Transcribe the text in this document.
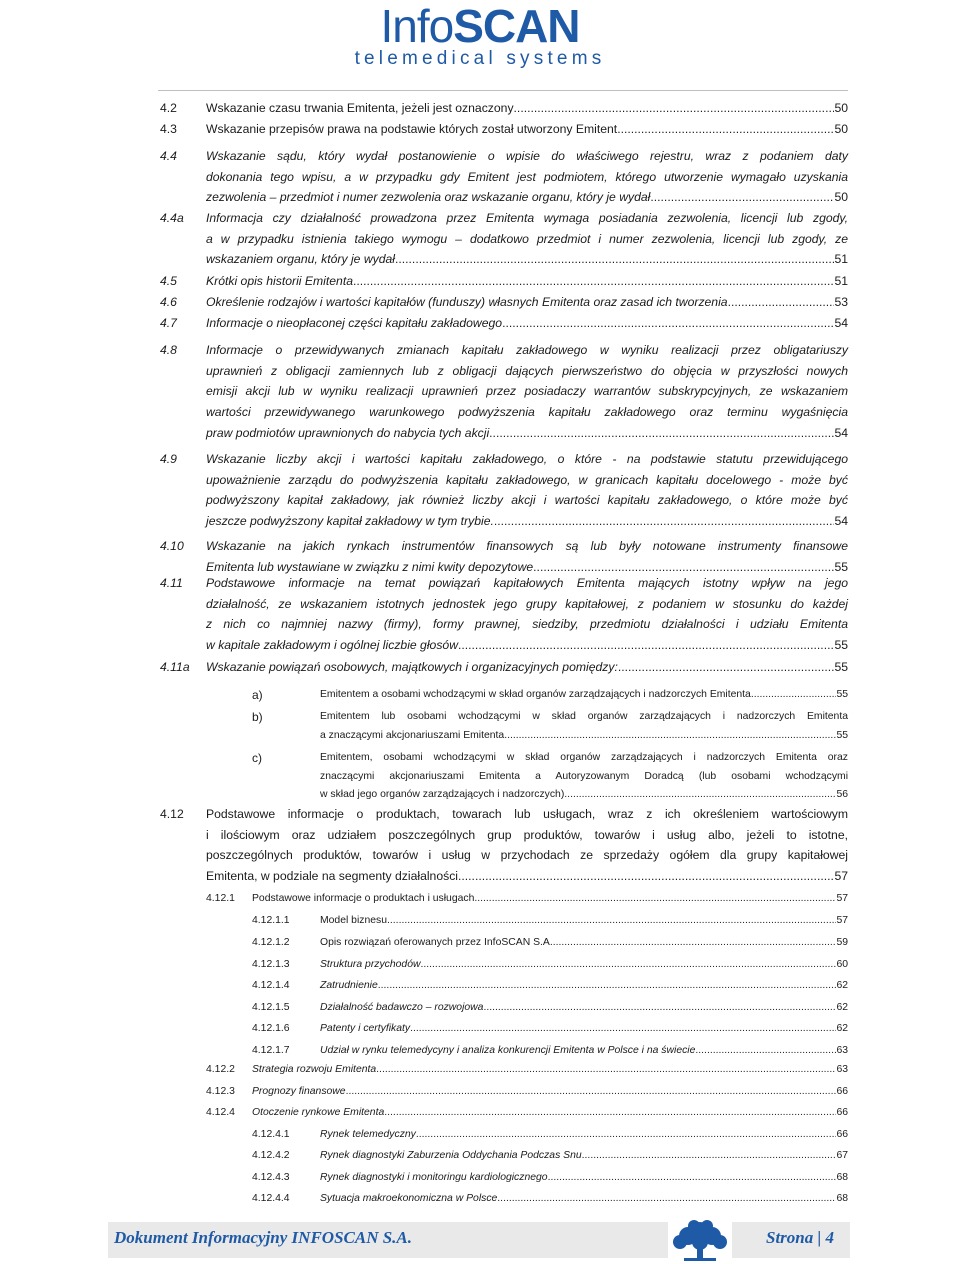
InfoSCAN
telemedical systems
4.2 Wskazanie czasu trwania Emitenta, jeżeli jest oznaczony .....	50
4.3 Wskazanie przepisów prawa na podstawie których został utworzony Emitent .....	50
4.4 Wskazanie sądu, który wydał postanowienie o wpisie do właściwego rejestru, wraz z podaniem daty
dokonania tego wpisu, a w przypadku gdy Emitent jest podmiotem, którego utworzenie wymagało uzyskania
zezwolenia – przedmiot i numer zezwolenia oraz wskazanie organu, który je wydał .....	50
4.4a Informacja czy działalność prowadzona przez Emitenta wymaga posiadania zezwolenia, licencji lub zgody,
a w przypadku istnienia takiego wymogu – dodatkowo przedmiot i numer zezwolenia, licencji lub zgody, ze
wskazaniem organu, który je wydał .....	51
4.5 Krótki opis historii Emitenta .....	51
4.6 Określenie rodzajów i wartości kapitałów (funduszy) własnych Emitenta oraz zasad ich tworzenia .....	53
4.7 Informacje o nieopłaconej części kapitału zakładowego .....	54
4.8 Informacje o przewidywanych zmianach kapitału zakładowego w wyniku realizacji przez obligatariuszy
uprawnień z obligacji zamiennych lub z obligacji dających pierwszeństwo do objęcia w przyszłości nowych
emisji akcji lub w wyniku realizacji uprawnień przez posiadaczy warrantów subskrypcyjnych, ze wskazaniem
wartości przewidywanego warunkowego podwyższenia kapitału zakładowego oraz terminu wygaśnięcia
praw podmiotów uprawnionych do nabycia tych akcji .....	54
4.9 Wskazanie liczby akcji i wartości kapitału zakładowego, o które - na podstawie statutu przewidującego
upoważnienie zarządu do podwyższenia kapitału zakładowego, w granicach kapitału docelowego - może być
podwyższony kapitał zakładowy, jak również liczby akcji i wartości kapitału zakładowego, o które może być
jeszcze podwyższony kapitał zakładowy w tym trybie. .....	54
4.10 Wskazanie na jakich rynkach instrumentów finansowych są lub były notowane instrumenty finansowe
Emitenta lub wystawiane w związku z nimi kwity depozytowe .....	55
4.11 Podstawowe informacje na temat powiązań kapitałowych Emitenta mających istotny wpływ na jego
działalność, ze wskazaniem istotnych jednostek jego grupy kapitałowej, z podaniem w stosunku do każdej
z nich co najmniej nazwy (firmy), formy prawnej, siedziby, przedmiotu działalności i udziału Emitenta
w kapitale zakładowym i ogólnej liczbie głosów .....	55
4.11a Wskazanie powiązań osobowych, majątkowych i organizacyjnych pomiędzy: .....	55
a)	Emitentem a osobami wchodzącymi w skład organów zarządzających i nadzorczych Emitenta .....	55
b)	Emitentem lub osobami wchodzącymi w skład organów zarządzających i nadzorczych Emitenta
a znaczącymi akcjonariuszami Emitenta .....	55
c)	Emitentem, osobami wchodzącymi w skład organów zarządzających i nadzorczych Emitenta oraz
znaczącymi akcjonariuszami Emitenta a Autoryzowanym Doradcą (lub osobami wchodzącymi
w skład jego organów zarządzających i nadzorczych) .....	56
4.12 Podstawowe informacje o produktach, towarach lub usługach, wraz z ich określeniem wartościowym
i ilościowym oraz udziałem poszczególnych grup produktów, towarów i usług albo, jeżeli to istotne,
poszczególnych produktów, towarów i usług w przychodach ze sprzedaży ogółem dla grupy kapitałowej
Emitenta, w podziale na segmenty działalności .....	57
4.12.1 Podstawowe informacje o produktach i usługach .....	57
4.12.1.1	Model biznesu .....	57
4.12.1.2	Opis rozwiązań oferowanych przez InfoSCAN S.A. .....	59
4.12.1.3	Struktura przychodów .....	60
4.12.1.4	Zatrudnienie .....	62
4.12.1.5	Działalność badawczo – rozwojowa .....	62
4.12.1.6	Patenty i certyfikaty .....	62
4.12.1.7	Udział w rynku telemedycyny i analiza konkurencji Emitenta w Polsce i na świecie .....	63
4.12.2 Strategia rozwoju Emitenta .....	63
4.12.3 Prognozy finansowe .....	66
4.12.4 Otoczenie rynkowe Emitenta .....	66
4.12.4.1	Rynek telemedyczny .....	66
4.12.4.2	Rynek diagnostyki Zaburzenia Oddychania Podczas Snu .....	67
4.12.4.3	Rynek diagnostyki i monitoringu kardiologicznego .....	68
4.12.4.4	Sytuacja makroekonomiczna w Polsce .....	68
Dokument Informacyjny INFOSCAN S.A.	Strona | 4
